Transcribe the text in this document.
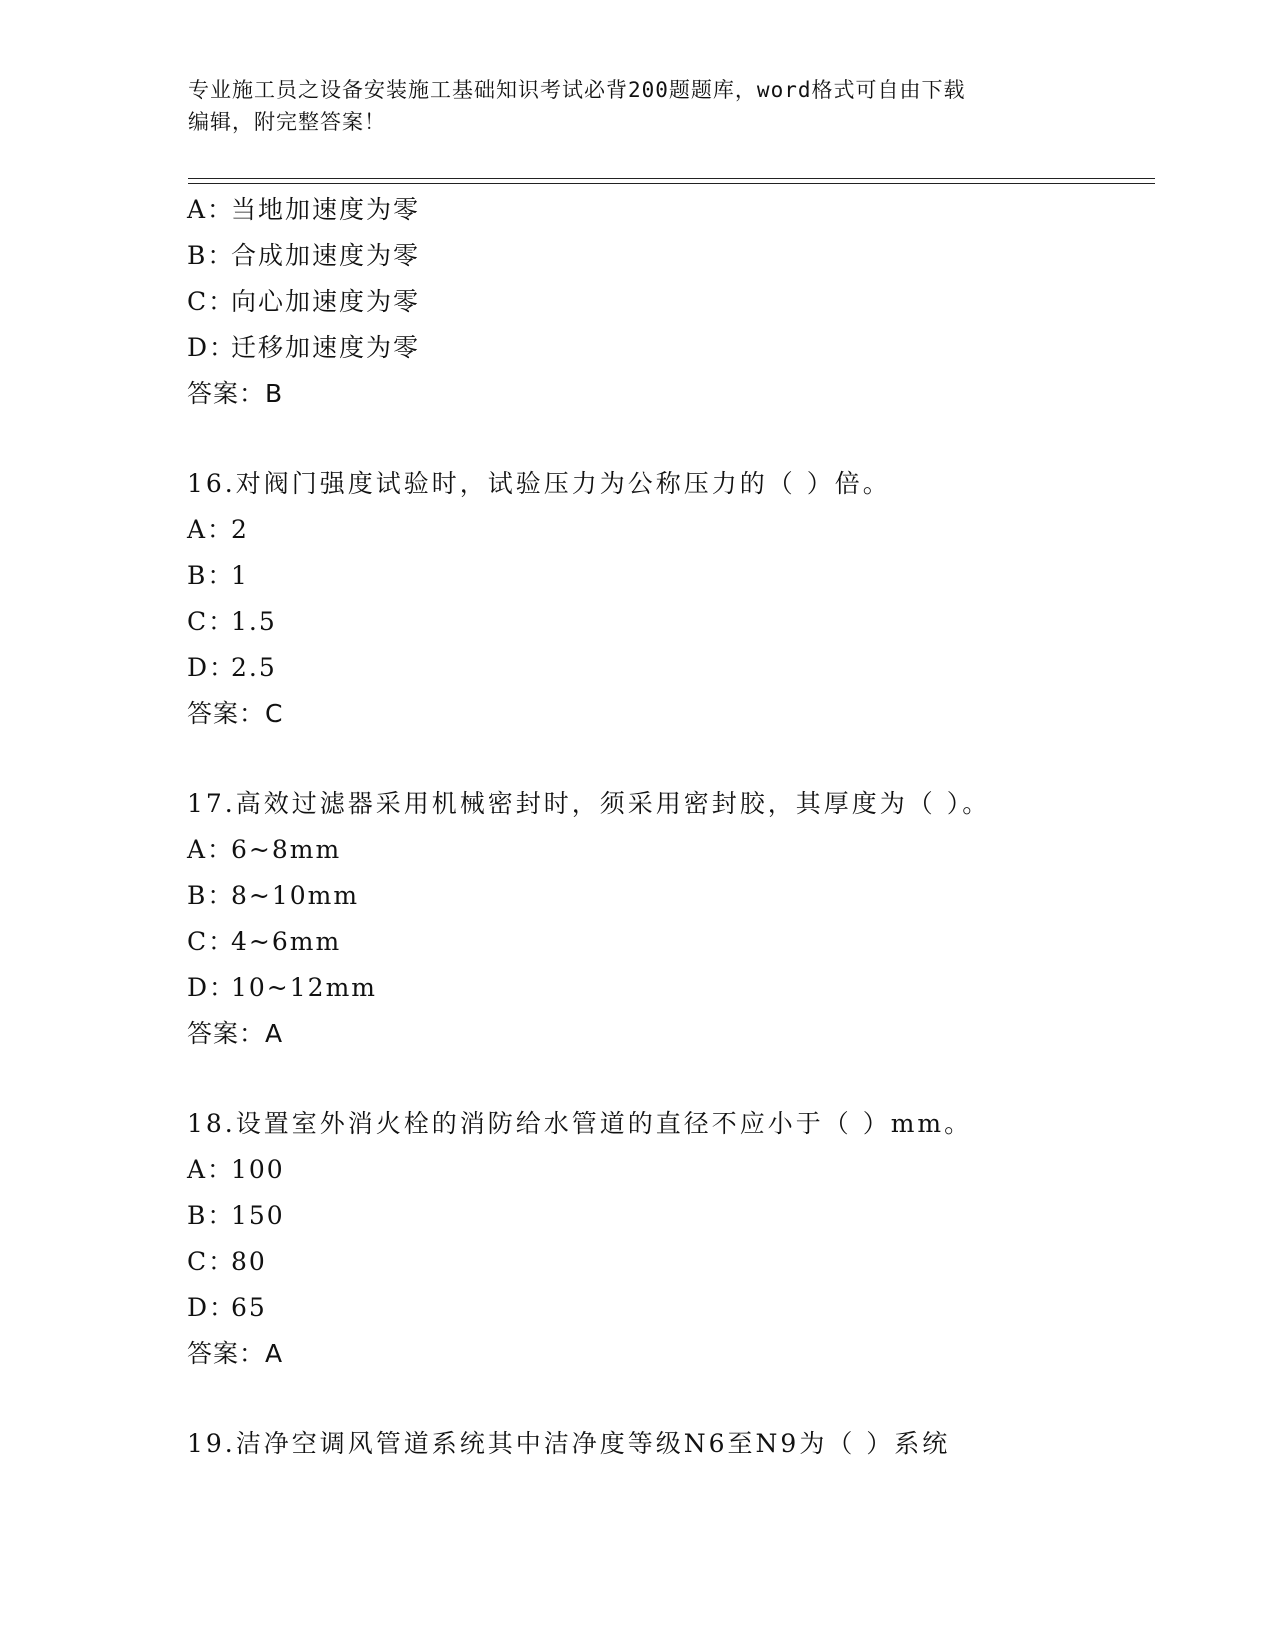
专业施工员之设备安装施工基础知识考试必背200题题库，word格式可自由下载
编辑，附完整答案！
A：当地加速度为零
B：合成加速度为零
C：向心加速度为零
D：迁移加速度为零
答案：B
16.对阀门强度试验时，试验压力为公称压力的（ ）倍。
A：2
B：1
C：1.5
D：2.5
答案：C
17.高效过滤器采用机械密封时，须采用密封胶，其厚度为（ ）。
A：6~8mm
B：8~10mm
C：4~6mm
D：10~12mm
答案：A
18.设置室外消火栓的消防给水管道的直径不应小于（ ）mm。
A：100
B：150
C：80
D：65
答案：A
19.洁净空调风管道系统其中洁净度等级N6至N9为（ ）系统
